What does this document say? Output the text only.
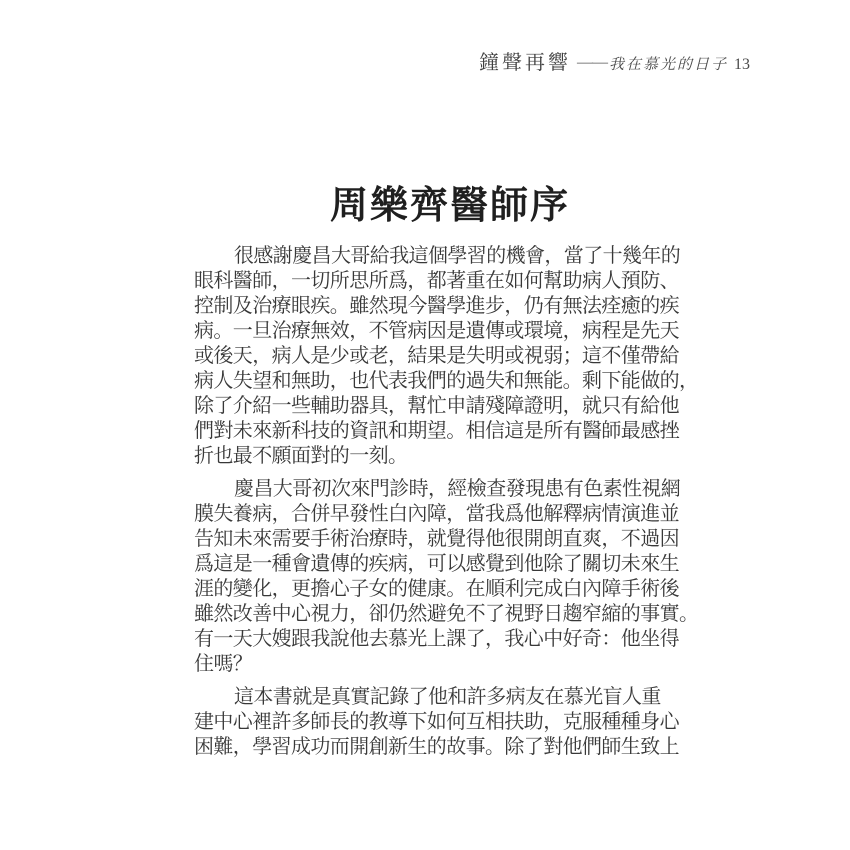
鐘聲再響 —— 我在慕光的日子 13
周樂齊醫師序
很感謝慶昌大哥給我這個學習的機會，當了十幾年的
眼科醫師，一切所思所爲，都著重在如何幫助病人預防、
控制及治療眼疾。雖然現今醫學進步，仍有無法痊癒的疾
病。一旦治療無效，不管病因是遺傳或環境，病程是先天
或後天，病人是少或老，結果是失明或視弱；這不僅帶給
病人失望和無助，也代表我們的過失和無能。剩下能做的，
除了介紹一些輔助器具，幫忙申請殘障證明，就只有給他
們對未來新科技的資訊和期望。相信這是所有醫師最感挫
折也最不願面對的一刻。
慶昌大哥初次來門診時，經檢查發現患有色素性視網
膜失養病，合併早發性白內障，當我爲他解釋病情演進並
告知未來需要手術治療時，就覺得他很開朗直爽，不過因
爲這是一種會遺傳的疾病，可以感覺到他除了關切未來生
涯的變化，更擔心子女的健康。在順利完成白內障手術後
雖然改善中心視力，卻仍然避免不了視野日趨窄縮的事實。
有一天大嫂跟我說他去慕光上課了，我心中好奇：他坐得
住嗎？
這本書就是真實記錄了他和許多病友在慕光盲人重
建中心裡許多師長的教導下如何互相扶助，克服種種身心
困難，學習成功而開創新生的故事。除了對他們師生致上
